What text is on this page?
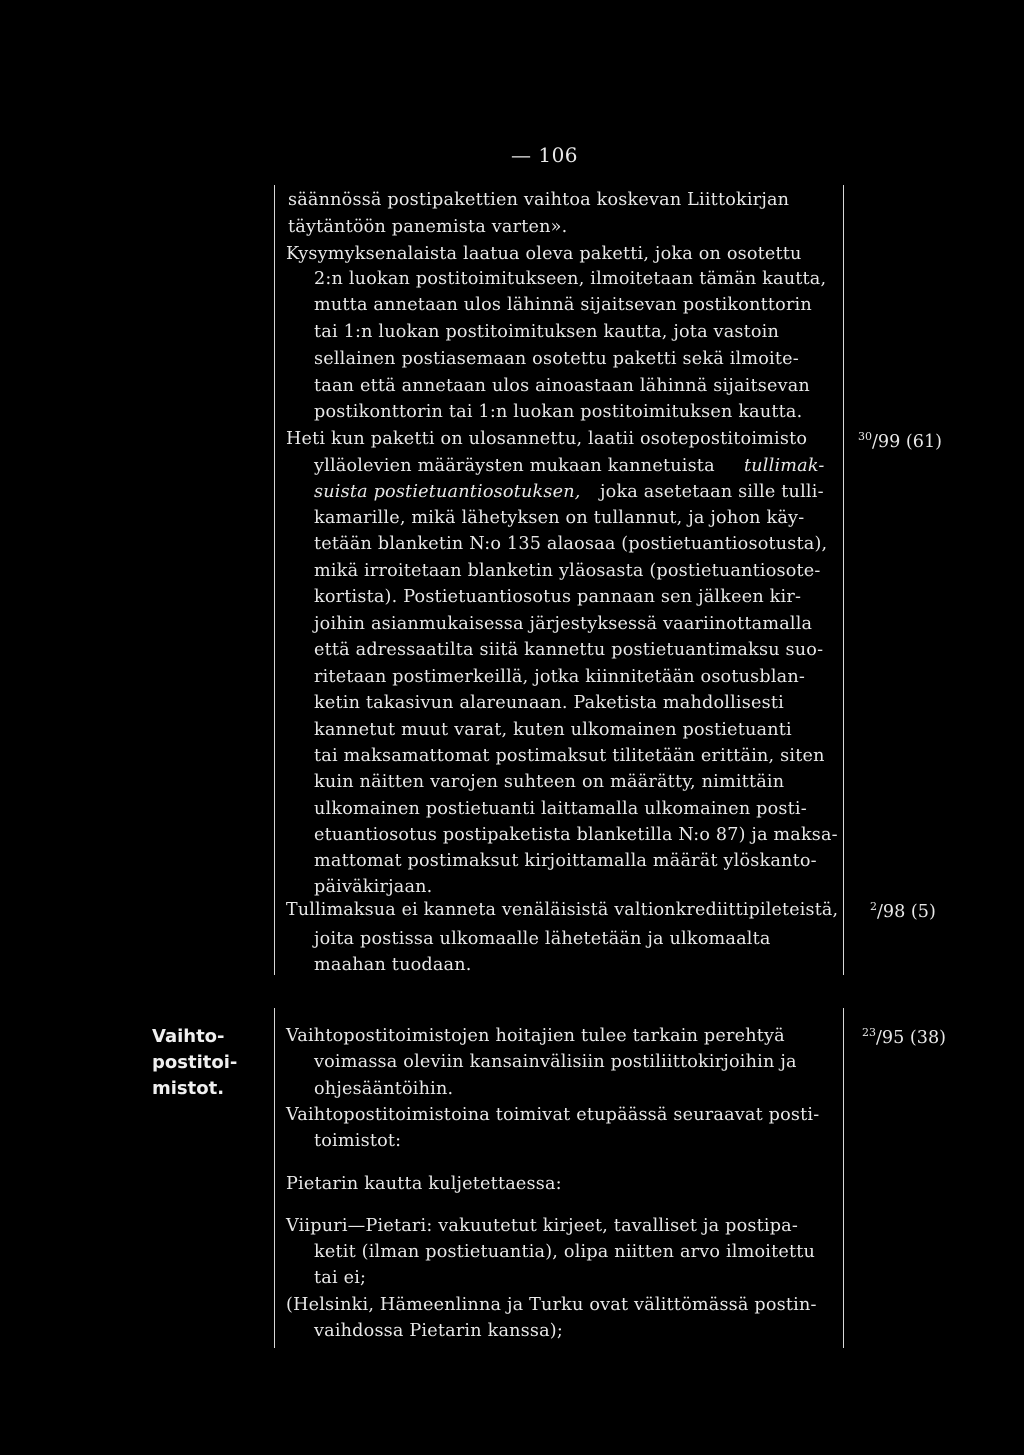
— 106
Vaihto-
postitoi-
mistot.
$^{30}$/99 (61)
$^2$/98 (5)
$^{23}$/95 (38)
säännössä postipakettien vaihtoa koskevan Liittokirjan
täytäntöön panemista varten».
Kysymyksenalaista laatua oleva paketti, joka on osotettu
2:n luokan postitoimitukseen, ilmoitetaan tämän kautta,
mutta annetaan ulos lähinnä sijaitsevan postikonttorin
tai 1:n luokan postitoimituksen kautta, jota vastoin
sellainen postiasemaan osotettu paketti sekä ilmoite-
taan että annetaan ulos ainoastaan lähinnä sijaitsevan
postikonttorin tai 1:n luokan postitoimituksen kautta.
Heti kun paketti on ulosannettu, laatii osotepostitoimisto
ylläolevien määräysten mukaan kannetuista tullimak-
suista postietuantiosotuksen, joka asetetaan sille tulli-
kamarille, mikä lähetyksen on tullannut, ja johon käy-
tetään blanketin N:o 135 alaosaa (postietuantiosotusta),
mikä irroitetaan blanketin yläosasta (postietuantiosote-
kortista). Postietuantiosotus pannaan sen jälkeen kir-
joihin asianmukaisessa järjestyksessä vaariinottamalla
että adressaatilta siitä kannettu postietuantimaksu suo-
ritetaan postimerkeillä, jotka kiinnitetään osotusblan-
ketin takasivun alareunaan. Paketista mahdollisesti
kannetut muut varat, kuten ulkomainen postietuanti
tai maksamattomat postimaksut tilitetään erittäin, siten
kuin näitten varojen suhteen on määrätty, nimittäin
ulkomainen postietuanti laittamalla ulkomainen posti-
etuantiosotus postipaketista blanketilla N:o 87) ja maksa-
mattomat postimaksut kirjoittamalla määrät ylöskanto-
päiväkirjaan.
Tullimaksua ei kanneta venäläisistä valtionkrediittipileteistä,
joita postissa ulkomaalle lähetetään ja ulkomaalta
maahan tuodaan.
Vaihtopostitoimistojen hoitajien tulee tarkain perehtyä
voimassa oleviin kansainvälisiin postiliittokirjoihin ja
ohjesääntöihin.
Vaihtopostitoimistoina toimivat etupäässä seuraavat posti-
toimistot:
Pietarin kautta kuljetettaessa:
Viipuri—Pietari: vakuutetut kirjeet, tavalliset ja postipa-
ketit (ilman postietuantia), olipa niitten arvo ilmoitettu
tai ei;
(Helsinki, Hämeenlinna ja Turku ovat välittömässä postin-
vaihdossa Pietarin kanssa);
